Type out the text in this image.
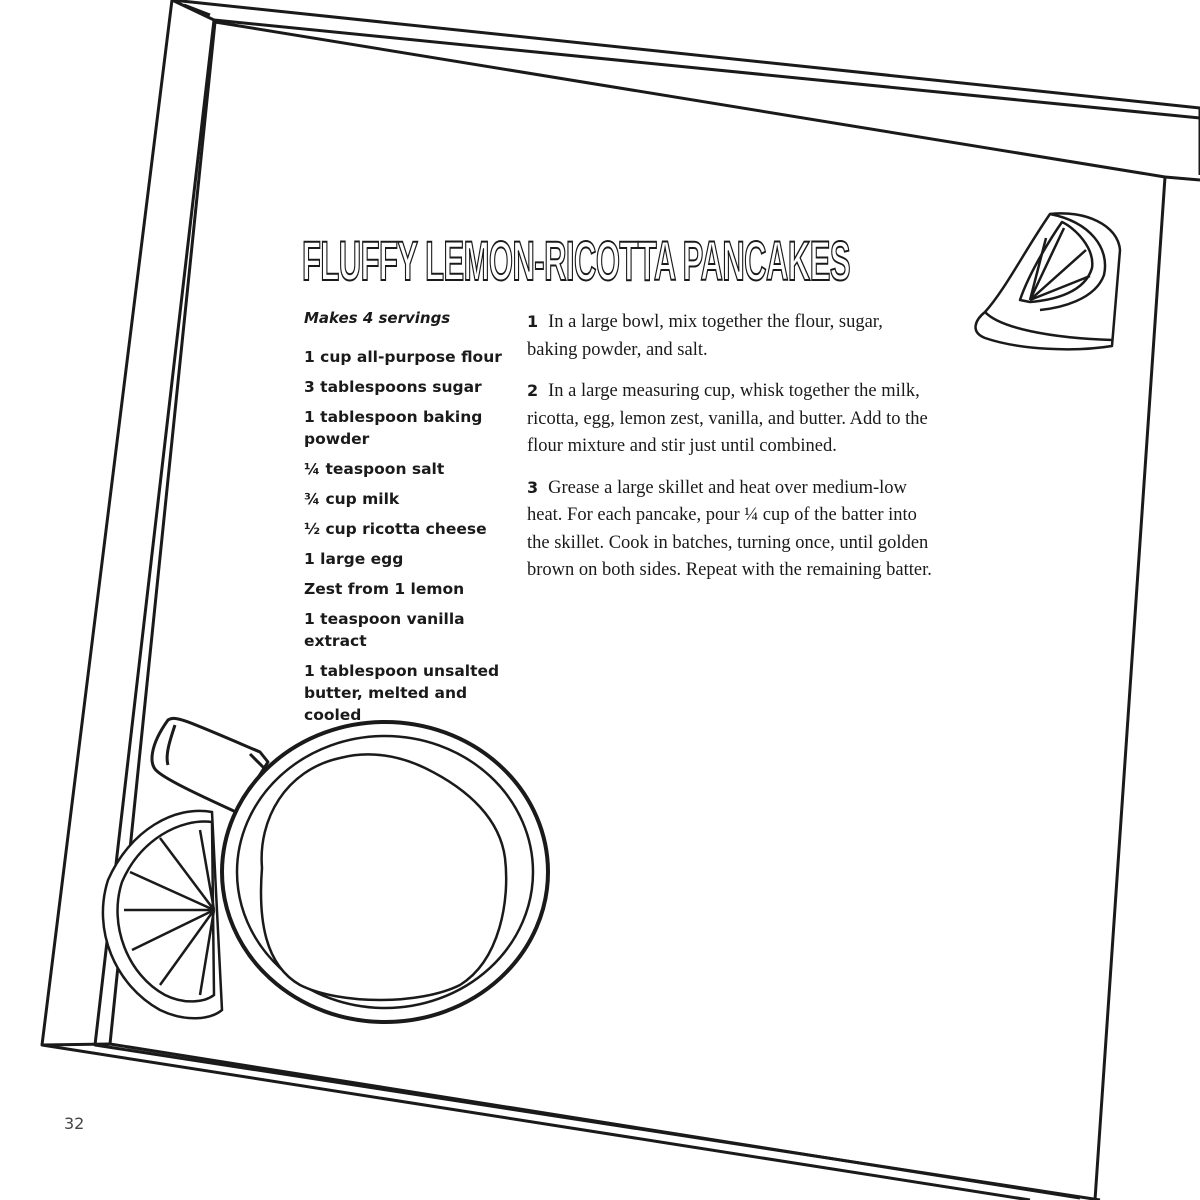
FLUFFY LEMON-RICOTTA PANCAKES

Makes 4 servings

1 cup all-purpose flour
3 tablespoons sugar
1 tablespoon baking powder
¼ teaspoon salt
¾ cup milk
½ cup ricotta cheese
1 large egg
Zest from 1 lemon
1 teaspoon vanilla extract
1 tablespoon unsalted butter, melted and cooled
1 In a large bowl, mix together the flour, sugar, baking powder, and salt.
2 In a large measuring cup, whisk together the milk, ricotta, egg, lemon zest, vanilla, and butter. Add to the flour mixture and stir just until combined.
3 Grease a large skillet and heat over medium-low heat. For each pancake, pour ¼ cup of the batter into the skillet. Cook in batches, turning once, until golden brown on both sides. Repeat with the remaining batter.
32
